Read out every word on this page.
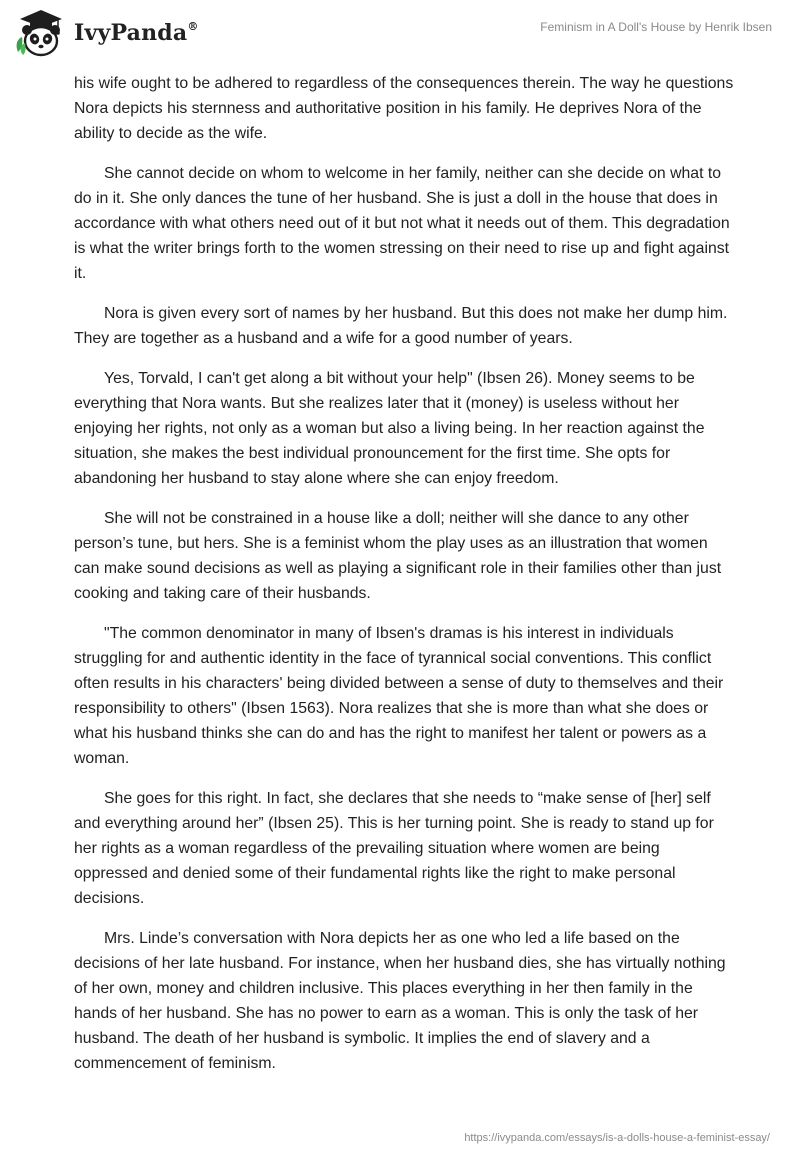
IvyPanda®	Feminism in A Doll's House by Henrik Ibsen

his wife ought to be adhered to regardless of the consequences therein. The way he questions Nora depicts his sternness and authoritative position in his family. He deprives Nora of the ability to decide as the wife.

She cannot decide on whom to welcome in her family, neither can she decide on what to do in it. She only dances the tune of her husband. She is just a doll in the house that does in accordance with what others need out of it but not what it needs out of them. This degradation is what the writer brings forth to the women stressing on their need to rise up and fight against it.

Nora is given every sort of names by her husband. But this does not make her dump him. They are together as a husband and a wife for a good number of years.

Yes, Torvald, I can't get along a bit without your help" (Ibsen 26). Money seems to be everything that Nora wants. But she realizes later that it (money) is useless without her enjoying her rights, not only as a woman but also a living being. In her reaction against the situation, she makes the best individual pronouncement for the first time. She opts for abandoning her husband to stay alone where she can enjoy freedom.

She will not be constrained in a house like a doll; neither will she dance to any other person’s tune, but hers. She is a feminist whom the play uses as an illustration that women can make sound decisions as well as playing a significant role in their families other than just cooking and taking care of their husbands.

"The common denominator in many of Ibsen's dramas is his interest in individuals struggling for and authentic identity in the face of tyrannical social conventions. This conflict often results in his characters' being divided between a sense of duty to themselves and their responsibility to others" (Ibsen 1563). Nora realizes that she is more than what she does or what his husband thinks she can do and has the right to manifest her talent or powers as a woman.

She goes for this right. In fact, she declares that she needs to “make sense of [her] self and everything around her” (Ibsen 25). This is her turning point. She is ready to stand up for her rights as a woman regardless of the prevailing situation where women are being oppressed and denied some of their fundamental rights like the right to make personal decisions.

Mrs. Linde’s conversation with Nora depicts her as one who led a life based on the decisions of her late husband. For instance, when her husband dies, she has virtually nothing of her own, money and children inclusive. This places everything in her then family in the hands of her husband. She has no power to earn as a woman. This is only the task of her husband. The death of her husband is symbolic. It implies the end of slavery and a commencement of feminism.

https://ivypanda.com/essays/is-a-dolls-house-a-feminist-essay/
